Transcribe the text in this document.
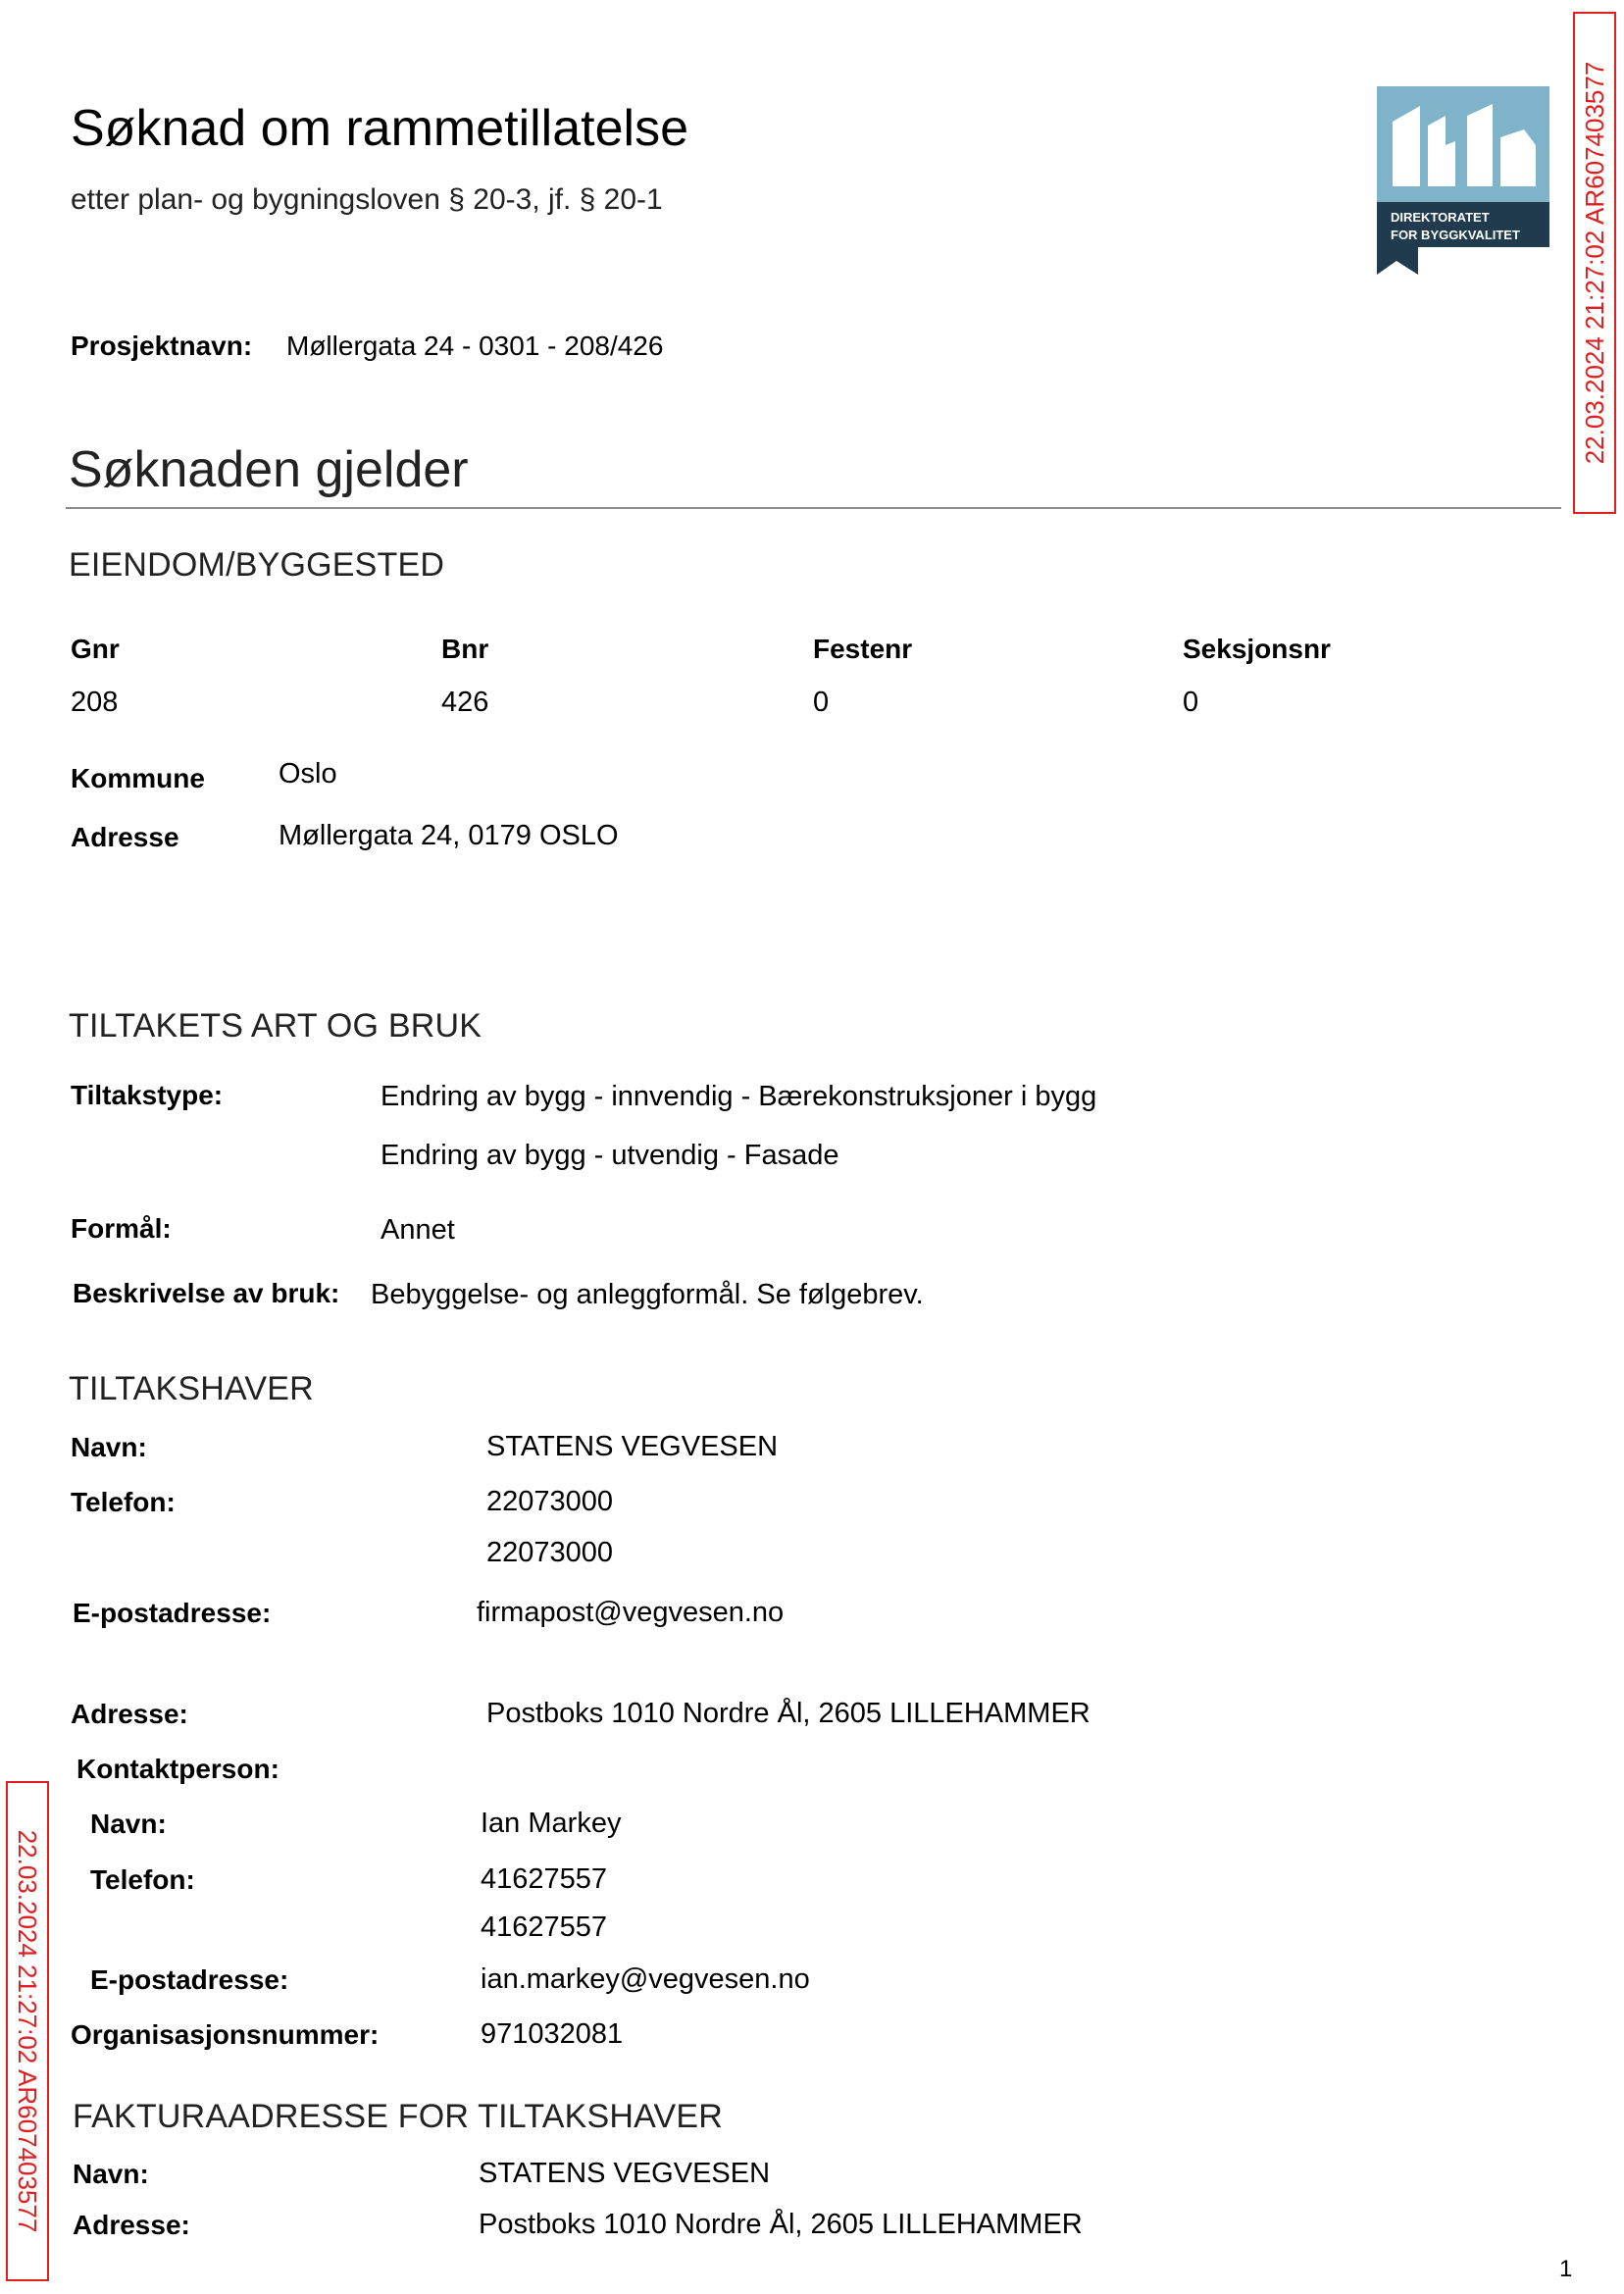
Søknad om rammetillatelse
etter plan- og bygningsloven § 20-3, jf. § 20-1
DIREKTORATET
FOR BYGGKVALITET 22.03.2024 21:27:02 AR607403577
Prosjektnavn: Møllergata 24 - 0301 - 208/426
Søknaden gjelder
EIENDOM/BYGGESTED
Gnr	Bnr	Festenr	Seksjonsnr
208	426	0	0
Kommune	Oslo
Adresse	Møllergata 24, 0179 OSLO
TILTAKETS ART OG BRUK
Tiltakstype:	Endring av bygg - innvendig - Bærekonstruksjoner i bygg
Endring av bygg - utvendig - Fasade
Formål:	Annet
Beskrivelse av bruk: Bebyggelse- og anleggformål. Se følgebrev.
TILTAKSHAVER
Navn:	STATENS VEGVESEN
Telefon:	22073000
22073000
E-postadresse:	firmapost@vegvesen.no
Adresse:	Postboks 1010 Nordre Ål, 2605 LILLEHAMMER
Kontaktperson:
Navn:	Ian Markey
Telefon:	41627557
41627557
E-postadresse:	ian.markey@vegvesen.no
Organisasjonsnummer:	971032081
FAKTURAADRESSE FOR TILTAKSHAVER
Navn:	STATENS VEGVESEN
Adresse:	Postboks 1010 Nordre Ål, 2605 LILLEHAMMER
22.03.2024 21:27:02 AR607403577
1
